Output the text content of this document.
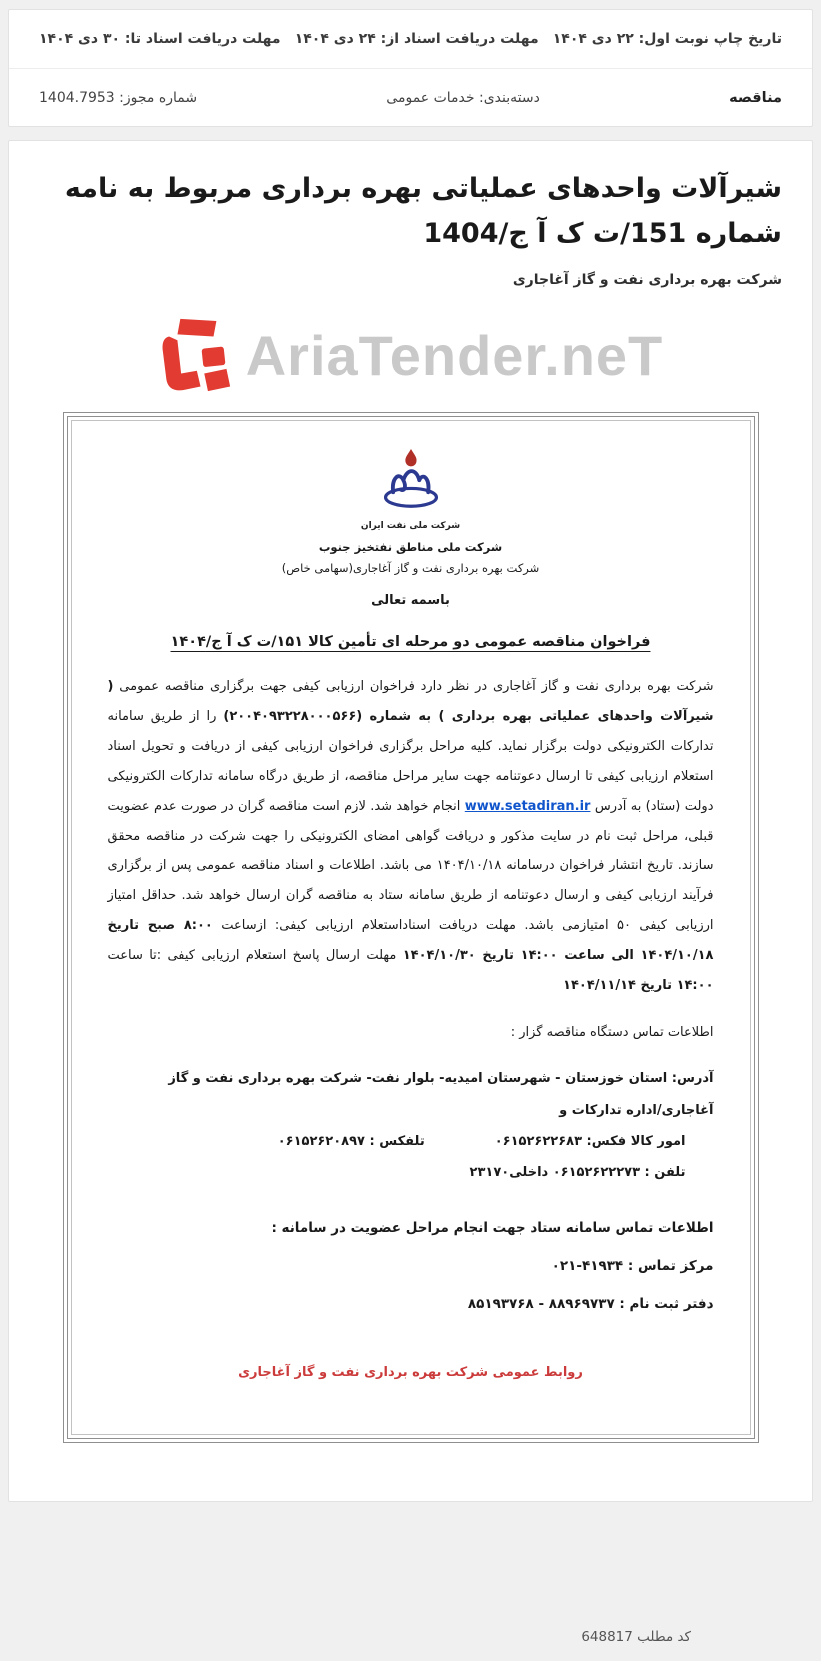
تاریخ چاپ نوبت اول: ۲۲ دی ۱۴۰۴
مهلت دریافت اسناد از: ۲۴ دی ۱۴۰۴
مهلت دریافت اسناد تا: ۳۰ دی ۱۴۰۴
مناقصه
دسته‌بندی: خدمات عمومی
شماره مجوز: 1404.7953
شیرآلات واحدهای عملیاتی بهره برداری مربوط به نامه شماره 151/ت ک آ ج/1404
شرکت بهره برداری نفت و گاز آغاجاری
AriaTender.neT
شرکت ملی نفت ایران
شرکت ملی مناطق نفتخیز جنوب
شرکت بهره برداری نفت و گاز آغاجاری(سهامی خاص)
باسمه تعالی
فراخوان مناقصه عمومی دو مرحله ای تأمین کالا ۱۵۱/ت ک آ ج/۱۴۰۴

شرکت بهره برداری نفت و گاز آغاجاری در نظر دارد فراخوان ارزیابی کیفی جهت برگزاری مناقصه عمومی ( شیرآلات واحدهای عملیاتی بهره برداری ) به شماره (۲۰۰۴۰۹۳۲۲۸۰۰۰۵۶۶) را از طریق سامانه تدارکات الکترونیکی دولت برگزار نماید. کلیه مراحل برگزاری فراخوان ارزیابی کیفی از دریافت و تحویل اسناد استعلام ارزیابی کیفی تا ارسال دعوتنامه جهت سایر مراحل مناقصه، از طریق درگاه سامانه تدارکات الکترونیکی دولت (ستاد) به آدرس www.setadiran.ir انجام خواهد شد. لازم است مناقصه گران در صورت عدم عضویت قبلی، مراحل ثبت نام در سایت مذکور و دریافت گواهی امضای الکترونیکی را جهت شرکت در مناقصه محقق سازند. تاریخ انتشار فراخوان درسامانه ۱۴۰۴/۱۰/۱۸ می باشد. اطلاعات و اسناد مناقصه عمومی پس از برگزاری فرآیند ارزیابی کیفی و ارسال دعوتنامه از طریق سامانه ستاد به مناقصه گران ارسال خواهد شد. حداقل امتیاز ارزیابی کیفی ۵۰ امتیازمی باشد. مهلت دریافت اسناداستعلام ارزیابی کیفی: ازساعت ۸:۰۰ صبح تاریخ ۱۴۰۴/۱۰/۱۸ الی ساعت ۱۴:۰۰ تاریخ ۱۴۰۴/۱۰/۳۰ مهلت ارسال پاسخ استعلام ارزیابی کیفی :تا ساعت ۱۴:۰۰ تاریخ ۱۴۰۴/۱۱/۱۴

اطلاعات تماس دستگاه مناقصه گزار :

آدرس: استان خوزستان - شهرستان امیدیه- بلوار نفت- شرکت بهره برداری نفت و گاز آغاجاری/اداره تدارکات و
امور کالا فکس: ۰۶۱۵۲۶۲۲۶۸۳
تلفکس : ۰۶۱۵۲۶۲۰۸۹۷
تلفن : ۰۶۱۵۲۶۲۲۲۷۳ داخلی۲۳۱۷۰

اطلاعات تماس سامانه ستاد جهت انجام مراحل عضویت در سامانه :

مرکز تماس : ۴۱۹۳۴-۰۲۱

دفتر ثبت نام : ۸۸۹۶۹۷۳۷ - ۸۵۱۹۳۷۶۸

روابط عمومی شرکت بهره برداری نفت و گاز آغاجاری

کد مطلب 648817
